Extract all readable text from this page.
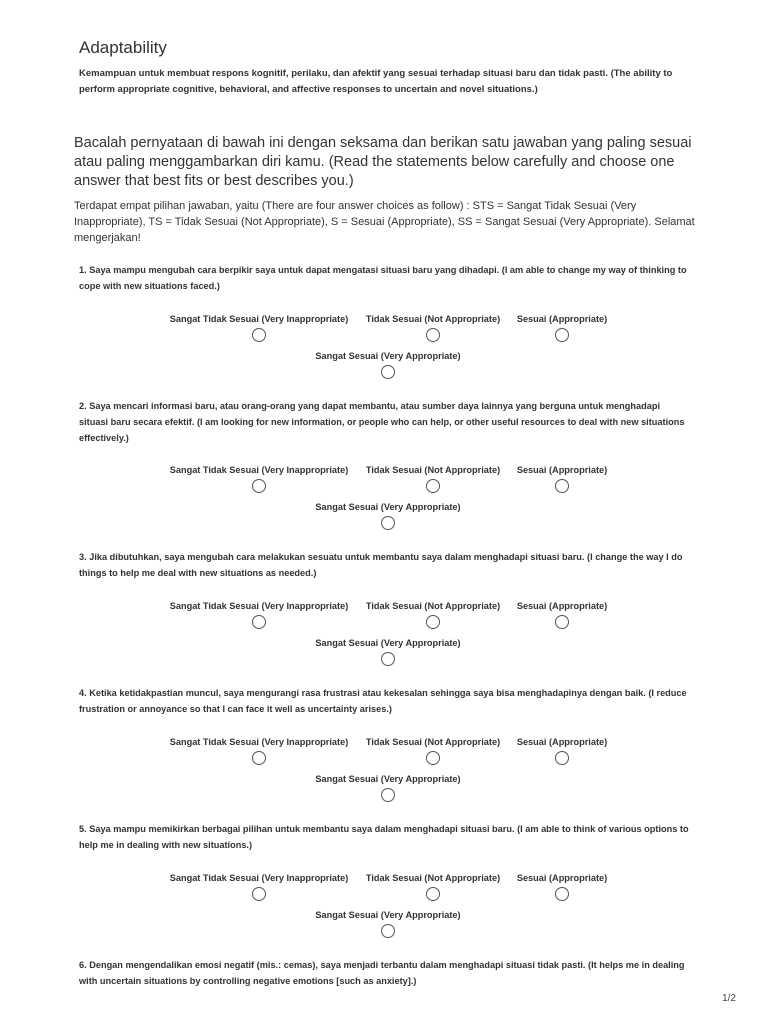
Adaptability
Kemampuan untuk membuat respons kognitif, perilaku, dan afektif yang sesuai terhadap situasi baru dan tidak pasti. (The ability to perform appropriate cognitive, behavioral, and affective responses to uncertain and novel situations.)
Bacalah pernyataan di bawah ini dengan seksama dan berikan satu jawaban yang paling sesuai atau paling menggambarkan diri kamu. (Read the statements below carefully and choose one answer that best fits or best describes you.)
Terdapat empat pilihan jawaban, yaitu (There are four answer choices as follow) : STS = Sangat Tidak Sesuai (Very Inappropriate), TS = Tidak Sesuai (Not Appropriate), S = Sesuai (Appropriate), SS = Sangat Sesuai (Very Appropriate). Selamat mengerjakan!
1. Saya mampu mengubah cara berpikir saya untuk dapat mengatasi situasi baru yang dihadapi. (I am able to change my way of thinking to cope with new situations faced.)
Sangat Tidak Sesuai (Very Inappropriate) Tidak Sesuai (Not Appropriate) Sesuai (Appropriate)
Sangat Sesuai (Very Appropriate)
2. Saya mencari informasi baru, atau orang-orang yang dapat membantu, atau sumber daya lainnya yang berguna untuk menghadapi situasi baru secara efektif. (I am looking for new information, or people who can help, or other useful resources to deal with new situations effectively.)
Sangat Tidak Sesuai (Very Inappropriate) Tidak Sesuai (Not Appropriate) Sesuai (Appropriate)
Sangat Sesuai (Very Appropriate)
3. Jika dibutuhkan, saya mengubah cara melakukan sesuatu untuk membantu saya dalam menghadapi situasi baru. (I change the way I do things to help me deal with new situations as needed.)
Sangat Tidak Sesuai (Very Inappropriate) Tidak Sesuai (Not Appropriate) Sesuai (Appropriate)
Sangat Sesuai (Very Appropriate)
4. Ketika ketidakpastian muncul, saya mengurangi rasa frustrasi atau kekesalan sehingga saya bisa menghadapinya dengan baik. (I reduce frustration or annoyance so that I can face it well as uncertainty arises.)
Sangat Tidak Sesuai (Very Inappropriate) Tidak Sesuai (Not Appropriate) Sesuai (Appropriate)
Sangat Sesuai (Very Appropriate)
5. Saya mampu memikirkan berbagai pilihan untuk membantu saya dalam menghadapi situasi baru. (I am able to think of various options to help me in dealing with new situations.)
Sangat Tidak Sesuai (Very Inappropriate) Tidak Sesuai (Not Appropriate) Sesuai (Appropriate)
Sangat Sesuai (Very Appropriate)
6. Dengan mengendalikan emosi negatif (mis.: cemas), saya menjadi terbantu dalam menghadapi situasi tidak pasti. (It helps me in dealing with uncertain situations by controlling negative emotions [such as anxiety].)
1/2
